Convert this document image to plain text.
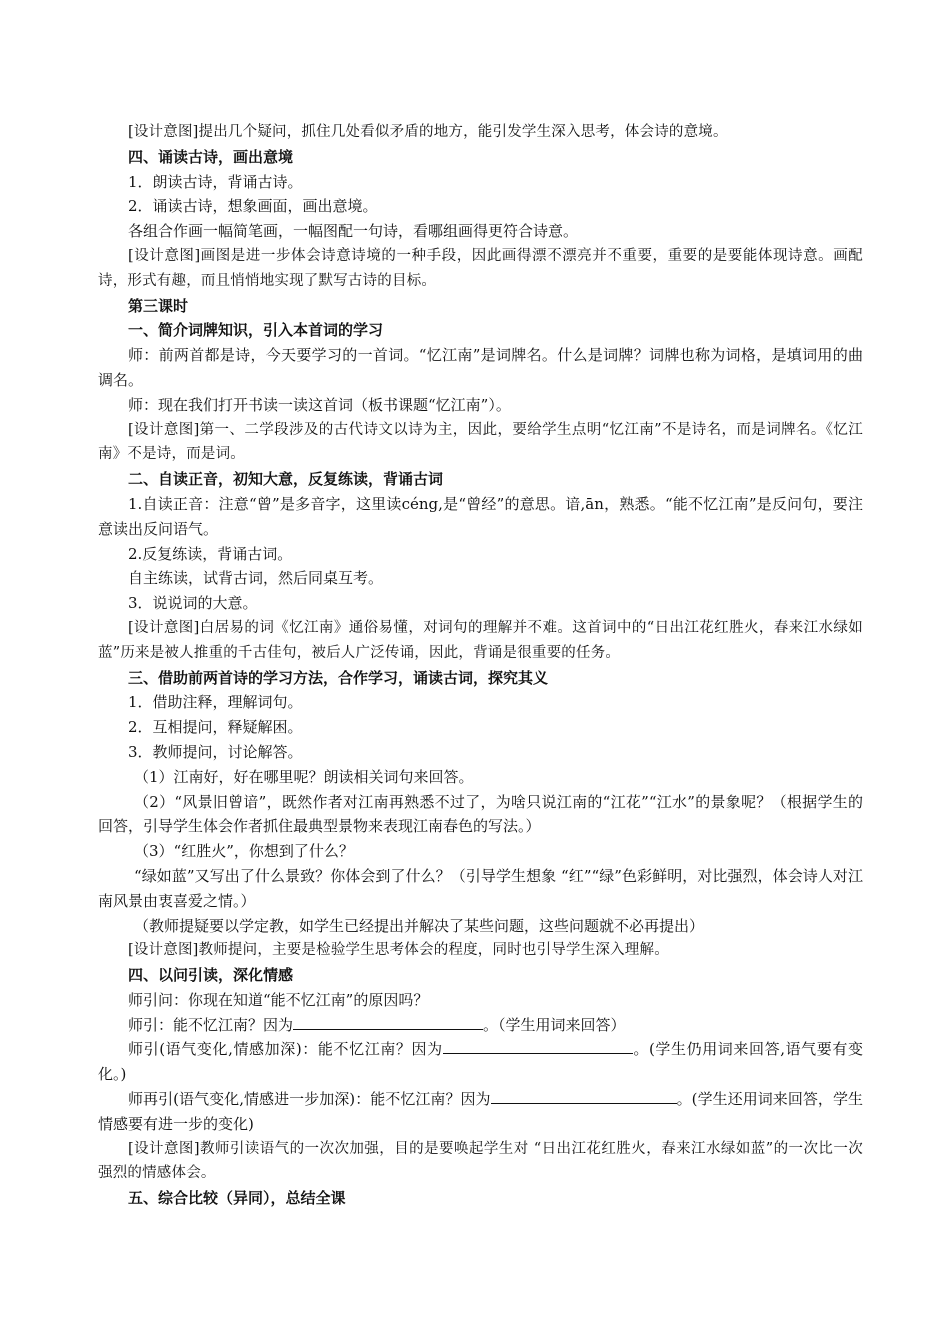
[设计意图]提出几个疑问，抓住几处看似矛盾的地方，能引发学生深入思考，体会诗的意境。

四、诵读古诗，画出意境

1．朗读古诗，背诵古诗。

2．诵读古诗，想象画面，画出意境。

各组合作画一幅简笔画，一幅图配一句诗，看哪组画得更符合诗意。

[设计意图]画图是进一步体会诗意诗境的一种手段，因此画得漂不漂亮并不重要，重要的是要能体现诗意。画配诗，形式有趣，而且悄悄地实现了默写古诗的目标。

第三课时

一、简介词牌知识，引入本首词的学习

师：前两首都是诗，今天要学习的一首词。“忆江南”是词牌名。什么是词牌？词牌也称为词格，是填词用的曲调名。

师：现在我们打开书读一读这首词（板书课题“忆江南”）。

[设计意图]第一、二学段涉及的古代诗文以诗为主，因此，要给学生点明“忆江南”不是诗名，而是词牌名。《忆江南》不是诗，而是词。

二、自读正音，初知大意，反复练读，背诵古词

1.自读正音：注意“曾”是多音字，这里读céng,是“曾经”的意思。谙,ān，熟悉。“能不忆江南”是反问句，要注意读出反问语气。

2.反复练读，背诵古词。

自主练读，试背古词，然后同桌互考。

3．说说词的大意。

[设计意图]白居易的词《忆江南》通俗易懂，对词句的理解并不难。这首词中的“日出江花红胜火，春来江水绿如蓝”历来是被人推重的千古佳句，被后人广泛传诵，因此，背诵是很重要的任务。

三、借助前两首诗的学习方法，合作学习，诵读古词，探究其义

1．借助注释，理解词句。

2．互相提问，释疑解困。

3．教师提问，讨论解答。

（1）江南好，好在哪里呢？朗读相关词句来回答。

（2）“风景旧曾谙”，既然作者对江南再熟悉不过了，为啥只说江南的“江花”“江水”的景象呢？（根据学生的回答，引导学生体会作者抓住最典型景物来表现江南春色的写法。）

（3）“红胜火”，你想到了什么？

“绿如蓝”又写出了什么景致？你体会到了什么？（引导学生想象 “红”“绿”色彩鲜明，对比强烈，体会诗人对江南风景由衷喜爱之情。）

（教师提疑要以学定教，如学生已经提出并解决了某些问题，这些问题就不必再提出）

[设计意图]教师提问，主要是检验学生思考体会的程度，同时也引导学生深入理解。

四、以问引读，深化情感

师引问：你现在知道“能不忆江南”的原因吗？

师引：能不忆江南？因为	。（学生用词来回答）

师引(语气变化,情感加深)：能不忆江南？因为	。(学生仍用词来回答,语气要有变化。)

师再引(语气变化,情感进一步加深)：能不忆江南？因为	。(学生还用词来回答，学生情感要有进一步的变化)

[设计意图]教师引读语气的一次次加强，目的是要唤起学生对 “日出江花红胜火，春来江水绿如蓝”的一次比一次强烈的情感体会。

五、综合比较（异同），总结全课
